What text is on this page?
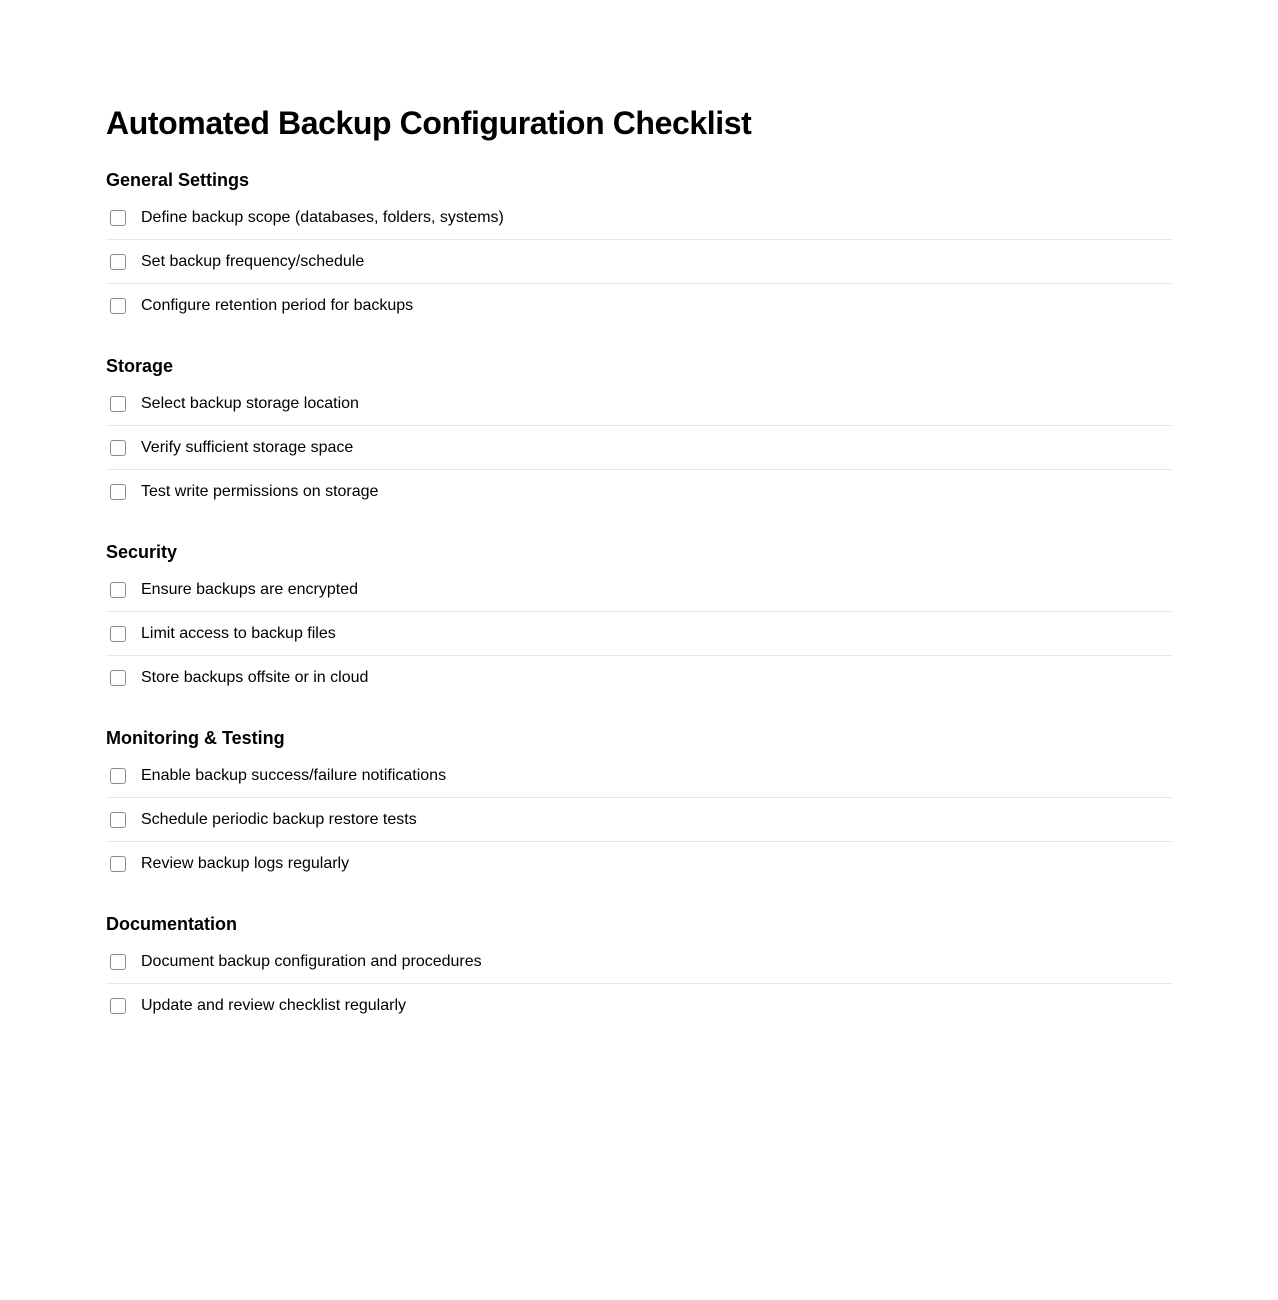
Automated Backup Configuration Checklist
General Settings
Define backup scope (databases, folders, systems)
Set backup frequency/schedule
Configure retention period for backups
Storage
Select backup storage location
Verify sufficient storage space
Test write permissions on storage
Security
Ensure backups are encrypted
Limit access to backup files
Store backups offsite or in cloud
Monitoring & Testing
Enable backup success/failure notifications
Schedule periodic backup restore tests
Review backup logs regularly
Documentation
Document backup configuration and procedures
Update and review checklist regularly
